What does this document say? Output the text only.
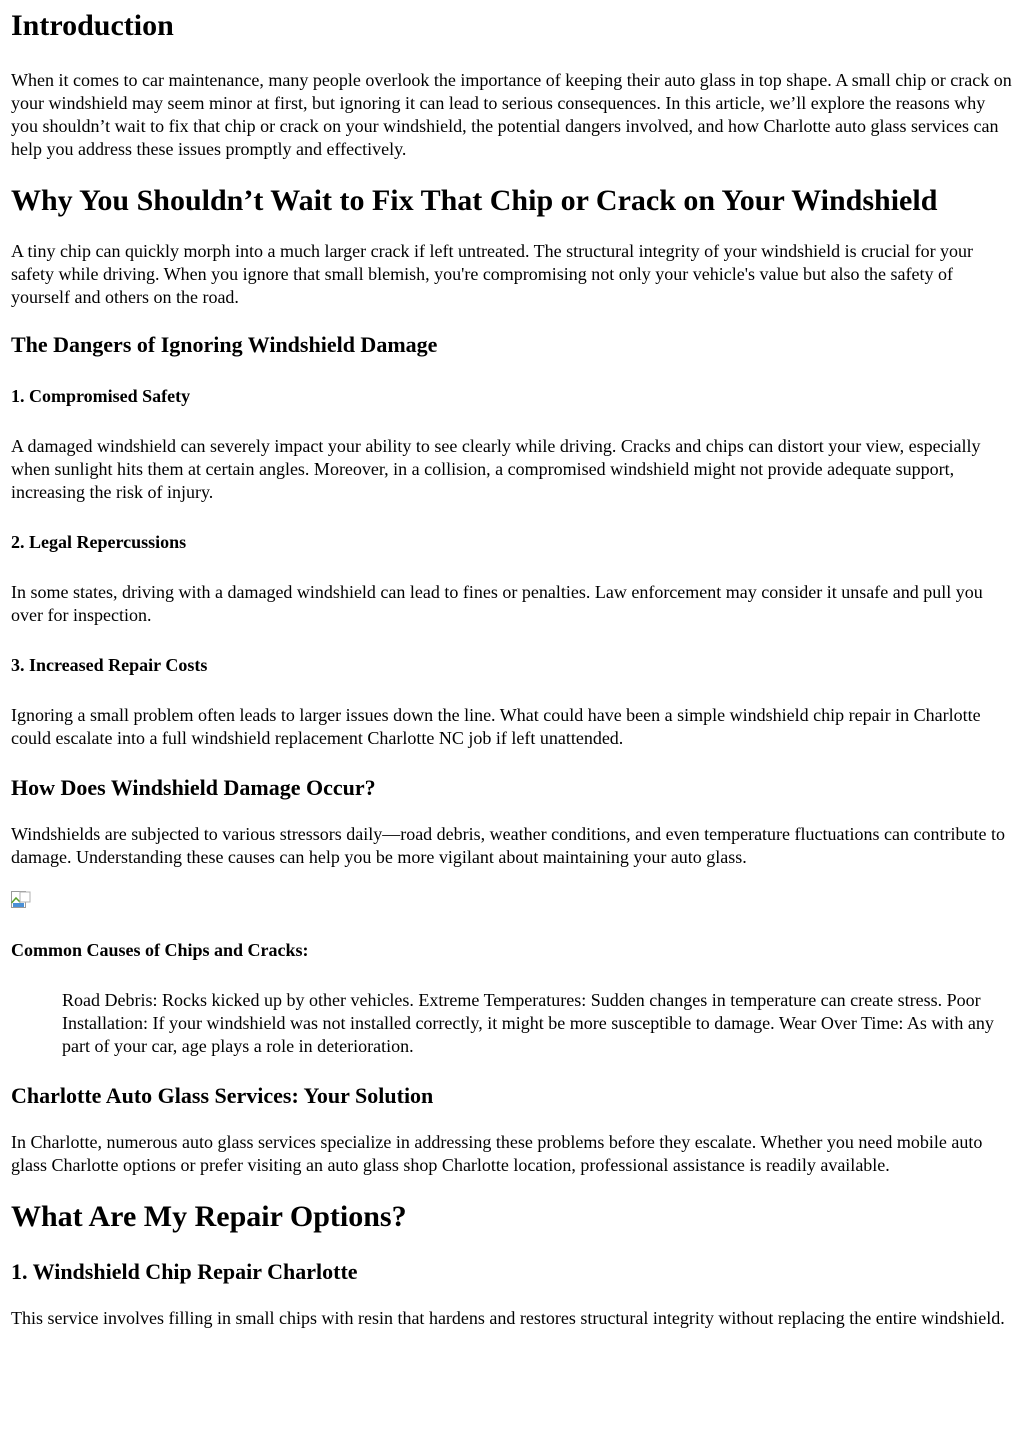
Introduction

When it comes to car maintenance, many people overlook the importance of keeping their auto glass in top shape. A small chip or crack on your windshield may seem minor at first, but ignoring it can lead to serious consequences. In this article, we’ll explore the reasons why you shouldn’t wait to fix that chip or crack on your windshield, the potential dangers involved, and how Charlotte auto glass services can help you address these issues promptly and effectively.

Why You Shouldn’t Wait to Fix That Chip or Crack on Your Windshield

A tiny chip can quickly morph into a much larger crack if left untreated. The structural integrity of your windshield is crucial for your safety while driving. When you ignore that small blemish, you're compromising not only your vehicle's value but also the safety of yourself and others on the road.

The Dangers of Ignoring Windshield Damage
1. Compromised Safety

A damaged windshield can severely impact your ability to see clearly while driving. Cracks and chips can distort your view, especially when sunlight hits them at certain angles. Moreover, in a collision, a compromised windshield might not provide adequate support, increasing the risk of injury.

2. Legal Repercussions

In some states, driving with a damaged windshield can lead to fines or penalties. Law enforcement may consider it unsafe and pull you over for inspection.

3. Increased Repair Costs

Ignoring a small problem often leads to larger issues down the line. What could have been a simple windshield chip repair in Charlotte could escalate into a full windshield replacement Charlotte NC job if left unattended.

How Does Windshield Damage Occur?

Windshields are subjected to various stressors daily—road debris, weather conditions, and even temperature fluctuations can contribute to damage. Understanding these causes can help you be more vigilant about maintaining your auto glass.

Common Causes of Chips and Cracks:
Road Debris: Rocks kicked up by other vehicles. Extreme Temperatures: Sudden changes in temperature can create stress. Poor Installation: If your windshield was not installed correctly, it might be more susceptible to damage. Wear Over Time: As with any part of your car, age plays a role in deterioration.
Charlotte Auto Glass Services: Your Solution

In Charlotte, numerous auto glass services specialize in addressing these problems before they escalate. Whether you need mobile auto glass Charlotte options or prefer visiting an auto glass shop Charlotte location, professional assistance is readily available.

What Are My Repair Options?
1. Windshield Chip Repair Charlotte

This service involves filling in small chips with resin that hardens and restores structural integrity without replacing the entire windshield.
